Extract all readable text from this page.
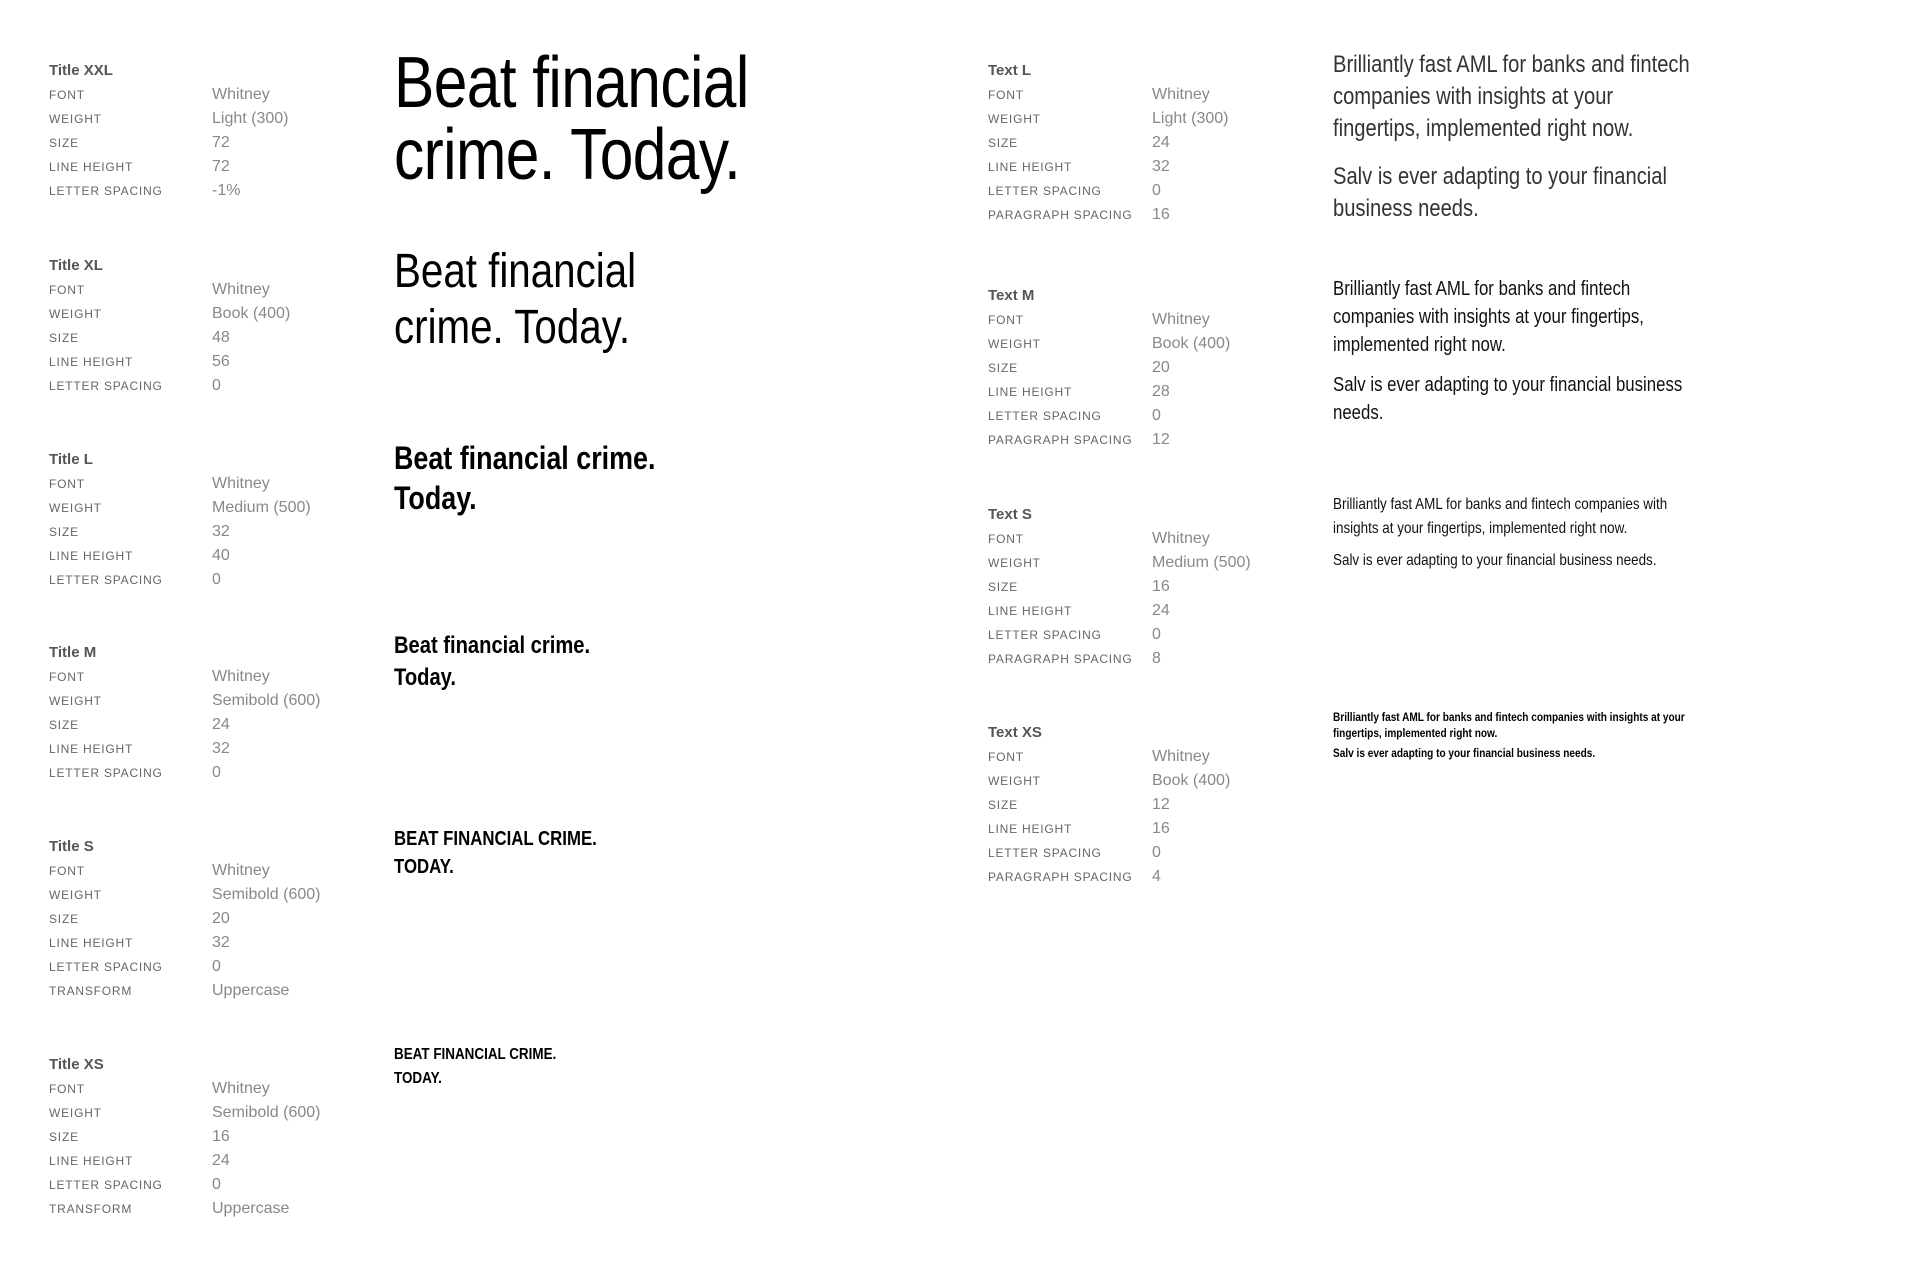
Title XXL
FONT	Whitney
WEIGHT	Light (300)
SIZE	72
LINE HEIGHT	72
LETTER SPACING	-1%

Beat financial
crime. Today.

Title XL
FONT	Whitney
WEIGHT	Book (400)
SIZE	48
LINE HEIGHT	56
LETTER SPACING	0

Beat financial
crime. Today.

Title L
FONT	Whitney
WEIGHT	Medium (500)
SIZE	32
LINE HEIGHT	40
LETTER SPACING	0

Beat financial crime.
Today.

Title M
FONT	Whitney
WEIGHT	Semibold (600)
SIZE	24
LINE HEIGHT	32
LETTER SPACING	0

Beat financial crime.
Today.

Title S
FONT	Whitney
WEIGHT	Semibold (600)
SIZE	20
LINE HEIGHT	32
LETTER SPACING	0
TRANSFORM	Uppercase

BEAT FINANCIAL CRIME.
TODAY.

Title XS
FONT	Whitney
WEIGHT	Semibold (600)
SIZE	16
LINE HEIGHT	24
LETTER SPACING	0
TRANSFORM	Uppercase

BEAT FINANCIAL CRIME.
TODAY.

Text L
FONT	Whitney
WEIGHT	Light (300)
SIZE	24
LINE HEIGHT	32
LETTER SPACING	0
PARAGRAPH SPACING	16

Brilliantly fast AML for banks and fintech
companies with insights at your
fingertips, implemented right now.

Salv is ever adapting to your financial
business needs.

Text M
FONT	Whitney
WEIGHT	Book (400)
SIZE	20
LINE HEIGHT	28
LETTER SPACING	0
PARAGRAPH SPACING	12

Brilliantly fast AML for banks and fintech
companies with insights at your fingertips,
implemented right now.

Salv is ever adapting to your financial business
needs.

Text S
FONT	Whitney
WEIGHT	Medium (500)
SIZE	16
LINE HEIGHT	24
LETTER SPACING	0
PARAGRAPH SPACING	8

Brilliantly fast AML for banks and fintech companies with
insights at your fingertips, implemented right now.

Salv is ever adapting to your financial business needs.

Text XS
FONT	Whitney
WEIGHT	Book (400)
SIZE	12
LINE HEIGHT	16
LETTER SPACING	0
PARAGRAPH SPACING	4

Brilliantly fast AML for banks and fintech companies with insights at your
fingertips, implemented right now.

Salv is ever adapting to your financial business needs.
